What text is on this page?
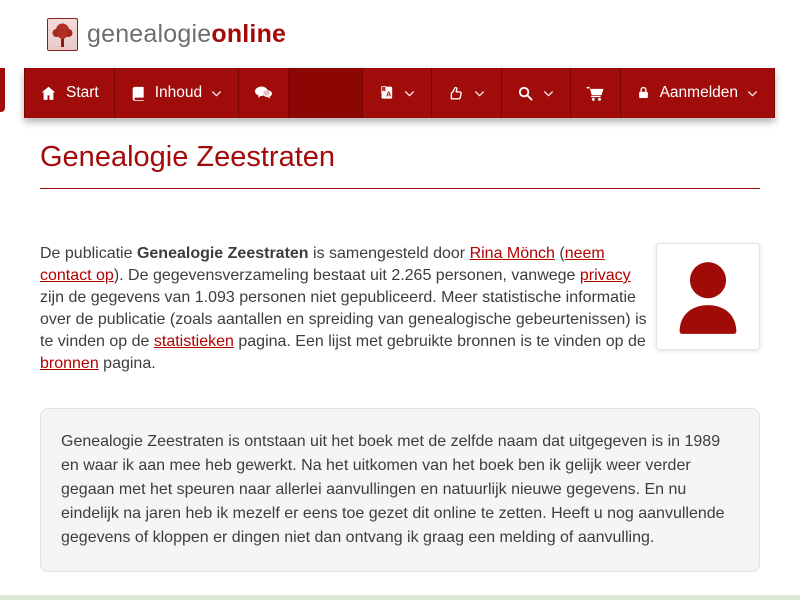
genealogieonline
Start	Inhoud	A	Aanmelden
Genealogie Zeestraten

De publicatie Genealogie Zeestraten is samengesteld door Rina Mönch (neem contact op). De gegevensverzameling bestaat uit 2.265 personen, vanwege privacy zijn de gegevens van 1.093 personen niet gepubliceerd. Meer statistische informatie over de publicatie (zoals aantallen en spreiding van genealogische gebeurtenissen) is te vinden op de statistieken pagina. Een lijst met gebruikte bronnen is te vinden op de bronnen pagina.

Genealogie Zeestraten is ontstaan uit het boek met de zelfde naam dat uitgegeven is in 1989 en waar ik aan mee heb gewerkt. Na het uitkomen van het boek ben ik gelijk weer verder gegaan met het speuren naar allerlei aanvullingen en natuurlijk nieuwe gegevens. En nu eindelijk na jaren heb ik mezelf er eens toe gezet dit online te zetten. Heeft u nog aanvullende gegevens of kloppen er dingen niet dan ontvang ik graag een melding of aanvulling.
